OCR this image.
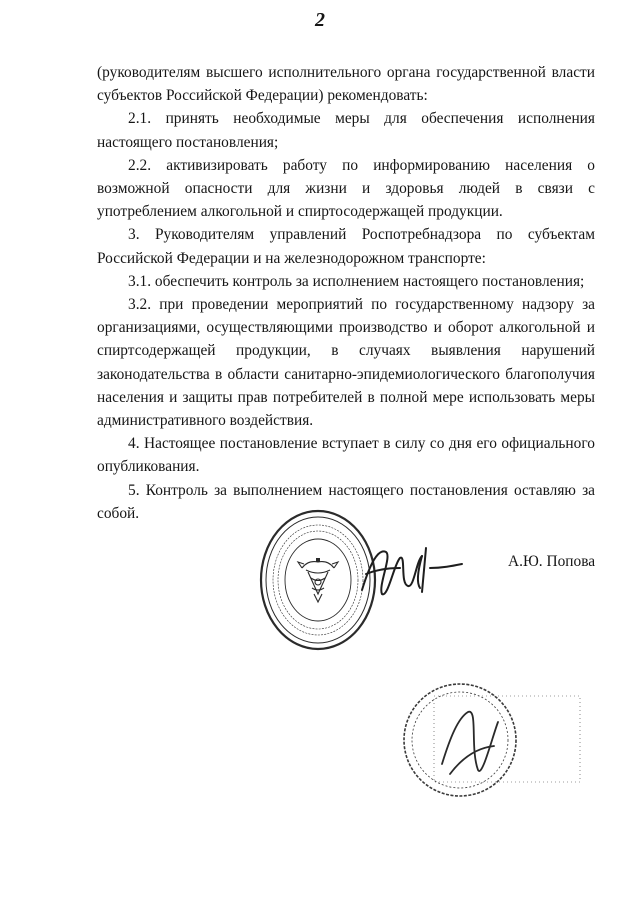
2

(руководителям высшего исполнительного органа государственной власти субъектов Российской Федерации) рекомендовать:

2.1. принять необходимые меры для обеспечения исполнения настоящего постановления;

2.2. активизировать работу по информированию населения о возможной опасности для жизни и здоровья людей в связи с употреблением алкогольной и спиртосодержащей продукции.

3. Руководителям управлений Роспотребнадзора по субъектам Российской Федерации и на железнодорожном транспорте:

3.1. обеспечить контроль за исполнением настоящего постановления;

3.2. при проведении мероприятий по государственному надзору за организациями, осуществляющими производство и оборот алкогольной и спиртсодержащей продукции, в случаях выявления нарушений законодательства в области санитарно-эпидемиологического благополучия населения и защиты прав потребителей в полной мере использовать меры административного воздействия.

4. Настоящее постановление вступает в силу со дня его официального опубликования.

5. Контроль за выполнением настоящего постановления оставляю за собой.

А.Ю. Попова
